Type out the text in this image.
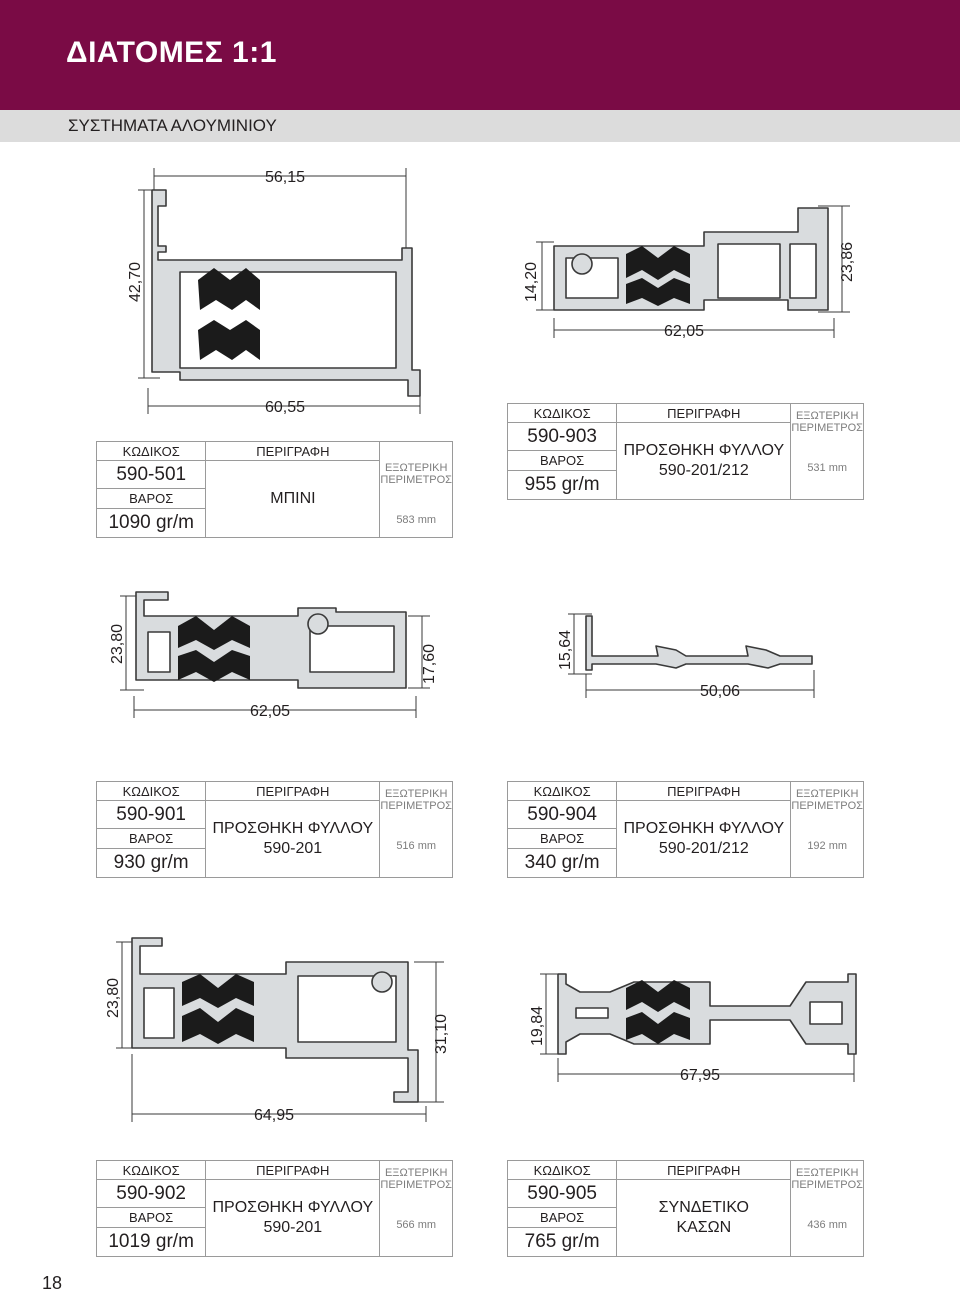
ΔΙΑΤΟΜΕΣ 1:1
ΣΥΣΤΗΜΑΤΑ ΑΛΟΥΜΙΝΙΟΥ
56,15
42,70
60,55
14,20	23,86
62,05
ΚΩΔΙΚΟΣ	ΠΕΡΙΓΡΑΦΗ	ΕΞΩΤΕΡΙΚΗ
ΠΕΡΙΜΕΤΡΟΣ
583 mm

590-501	ΜΠΙΝΙ	

ΒΑΡΟΣ		
1090 gr/m		
ΚΩΔΙΚΟΣ	ΠΕΡΙΓΡΑΦΗ	ΕΞΩΤΕΡΙΚΗ
ΠΕΡΙΜΕΤΡΟΣ
531 mm

590-903	ΠΡΟΣΘΗΚΗ ΦΥΛΛΟΥ
590-201/212	

ΒΑΡΟΣ		
955 gr/m		
23,80	17,60
62,05
15,64
50,06
ΚΩΔΙΚΟΣ	ΠΕΡΙΓΡΑΦΗ	ΕΞΩΤΕΡΙΚΗ
ΠΕΡΙΜΕΤΡΟΣ
516 mm

590-901	ΠΡΟΣΘΗΚΗ ΦΥΛΛΟΥ
590-201	

ΒΑΡΟΣ		
930 gr/m		
ΚΩΔΙΚΟΣ	ΠΕΡΙΓΡΑΦΗ	ΕΞΩΤΕΡΙΚΗ
ΠΕΡΙΜΕΤΡΟΣ
192 mm

590-904	ΠΡΟΣΘΗΚΗ ΦΥΛΛΟΥ
590-201/212	

ΒΑΡΟΣ		
340 gr/m		
23,80
31,10
64,95
19,84
67,95
ΚΩΔΙΚΟΣ	ΠΕΡΙΓΡΑΦΗ	ΕΞΩΤΕΡΙΚΗ
ΠΕΡΙΜΕΤΡΟΣ
566 mm

590-902	ΠΡΟΣΘΗΚΗ ΦΥΛΛΟΥ
590-201	

ΒΑΡΟΣ		
1019 gr/m		
ΚΩΔΙΚΟΣ	ΠΕΡΙΓΡΑΦΗ	ΕΞΩΤΕΡΙΚΗ
ΠΕΡΙΜΕΤΡΟΣ
436 mm

590-905	ΣΥΝΔΕΤΙΚΟ
ΚΑΣΩΝ	

ΒΑΡΟΣ		
765 gr/m		
18
